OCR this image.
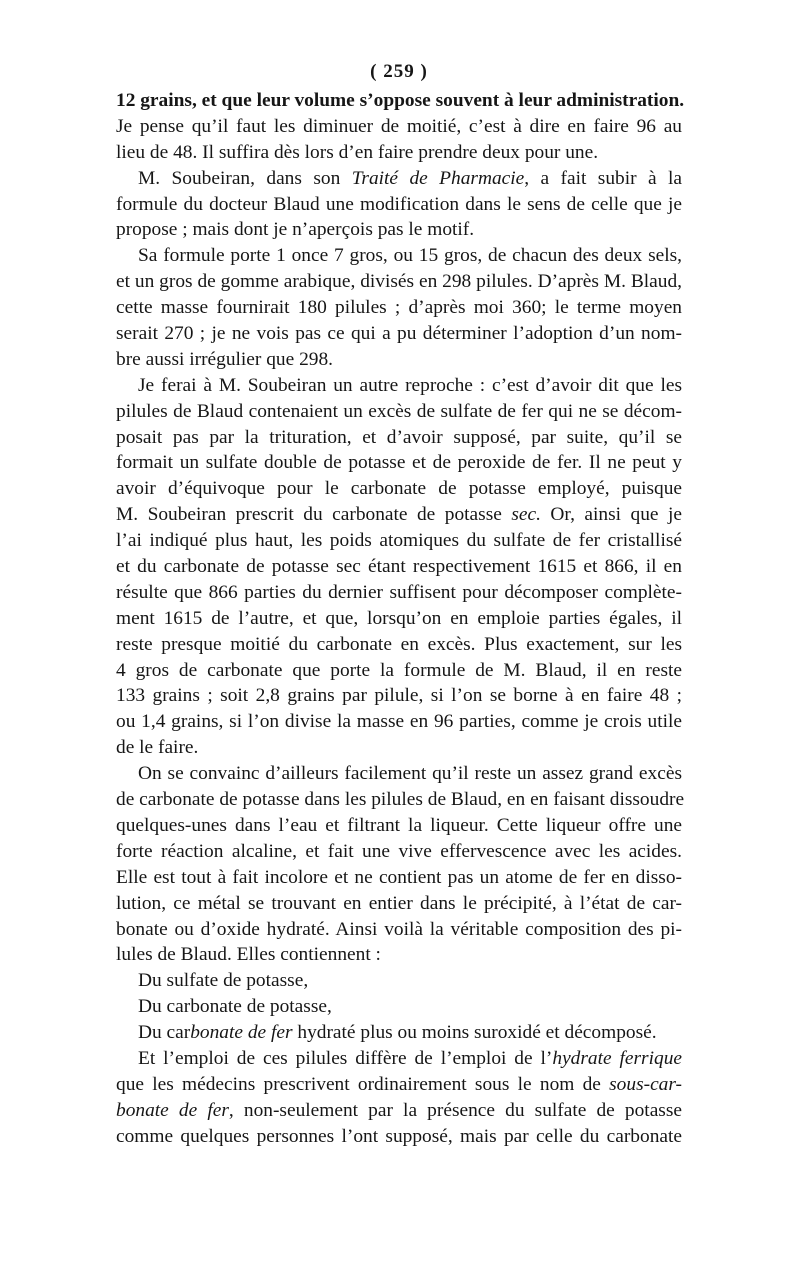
( 259 )
12 grains, et que leur volume s’oppose souvent à leur administration.
Je pense qu’il faut les diminuer de moitié, c’est à dire en faire 96 au
lieu de 48. Il suffira dès lors d’en faire prendre deux pour une.
M. Soubeiran, dans son Traité de Pharmacie, a fait subir à la
formule du docteur Blaud une modification dans le sens de celle que je
propose ; mais dont je n’aperçois pas le motif.
Sa formule porte 1 once 7 gros, ou 15 gros, de chacun des deux sels,
et un gros de gomme arabique, divisés en 298 pilules. D’après M. Blaud,
cette masse fournirait 180 pilules ; d’après moi 360; le terme moyen
serait 270 ; je ne vois pas ce qui a pu déterminer l’adoption d’un nom-
bre aussi irrégulier que 298.
Je ferai à M. Soubeiran un autre reproche : c’est d’avoir dit que les
pilules de Blaud contenaient un excès de sulfate de fer qui ne se décom-
posait pas par la trituration, et d’avoir supposé, par suite, qu’il se
formait un sulfate double de potasse et de peroxide de fer. Il ne peut y
avoir d’équivoque pour le carbonate de potasse employé, puisque
M. Soubeiran prescrit du carbonate de potasse sec. Or, ainsi que je
l’ai indiqué plus haut, les poids atomiques du sulfate de fer cristallisé
et du carbonate de potasse sec étant respectivement 1615 et 866, il en
résulte que 866 parties du dernier suffisent pour décomposer complète-
ment 1615 de l’autre, et que, lorsqu’on en emploie parties égales, il
reste presque moitié du carbonate en excès. Plus exactement, sur les
4 gros de carbonate que porte la formule de M. Blaud, il en reste
133 grains ; soit 2,8 grains par pilule, si l’on se borne à en faire 48 ;
ou 1,4 grains, si l’on divise la masse en 96 parties, comme je crois utile
de le faire.
On se convainc d’ailleurs facilement qu’il reste un assez grand excès
de carbonate de potasse dans les pilules de Blaud, en en faisant dissoudre
quelques-unes dans l’eau et filtrant la liqueur. Cette liqueur offre une
forte réaction alcaline, et fait une vive effervescence avec les acides.
Elle est tout à fait incolore et ne contient pas un atome de fer en disso-
lution, ce métal se trouvant en entier dans le précipité, à l’état de car-
bonate ou d’oxide hydraté. Ainsi voilà la véritable composition des pi-
lules de Blaud. Elles contiennent :
Du sulfate de potasse,
Du carbonate de potasse,
Du carbonate de fer hydraté plus ou moins suroxidé et décomposé.
Et l’emploi de ces pilules diffère de l’emploi de l’hydrate ferrique
que les médecins prescrivent ordinairement sous le nom de sous-car-
bonate de fer, non-seulement par la présence du sulfate de potasse
comme quelques personnes l’ont supposé, mais par celle du carbonate
